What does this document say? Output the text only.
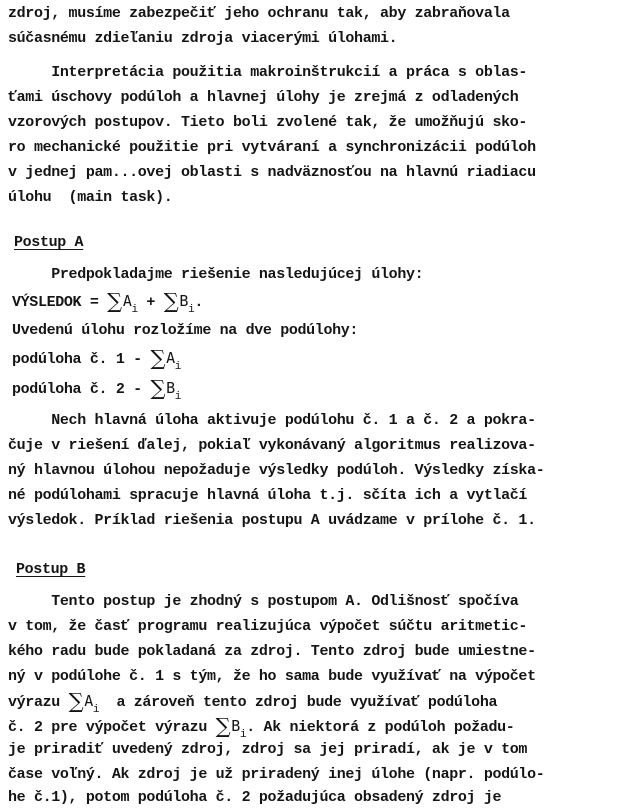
zdroj, musíme zabezpečiť jeho ochranu tak, aby zabraňovala
súčasnému zdieľaniu zdroja viacerými úlohami.
Interpretácia použitia makroinštrukcií a práca s oblas-
ťami úschovy podúloh a hlavnej úlohy je zrejmá z odladených
vzorových postupov. Tieto boli zvolené tak, že umožňujú sko-
ro mechanické použitie pri vytváraní a synchronizácii podúloh
v jednej pam...ovej oblasti s nadväznosťou na hlavnú riadiacu
úlohu  (main task).
Postup A
Predpokladajme riešenie nasledujúcej úlohy:
VÝSLEDOK = $\sum A_i + \sum B_i$.
Uvedenú úlohu rozložíme na dve podúlohy:
podúloha č. $1 - \sum A_i$
podúloha č. $2 - \sum B_i$
Nech hlavná úloha aktivuje podúlohu č. 1 a č. 2 a pokra-
čuje v riešení ďalej, pokiaľ vykonávaný algoritmus realizova-
ný hlavnou úlohou nepožaduje výsledky podúloh. Výsledky získa-
né podúlohami spracuje hlavná úloha t.j. sčíta ich a vytlačí
výsledok. Príklad riešenia postupu A uvádzame v prílohe č. 1.
Postup B
Tento postup je zhodný s postupom A. Odlišnosť spočíva
v tom, že časť programu realizujúca výpočet súčtu aritmetic-
kého radu bude pokladaná za zdroj. Tento zdroj bude umiestne-
ný v podúlohe č. 1 s tým, že ho sama bude využívať na výpočet
výrazu $\sum A_i$  a zároveň tento zdroj bude využívať podúloha
č. 2 pre výpočet výrazu $\sum B_i$. Ak niektorá z podúloh požadu-
je priradiť uvedený zdroj, zdroj sa jej priradí, ak je v tom
čase voľný. Ak zdroj je už priradený inej úlohe (napr. podúlo-
he č.1), potom podúloha č. 2 požadujúca obsadený zdroj je
